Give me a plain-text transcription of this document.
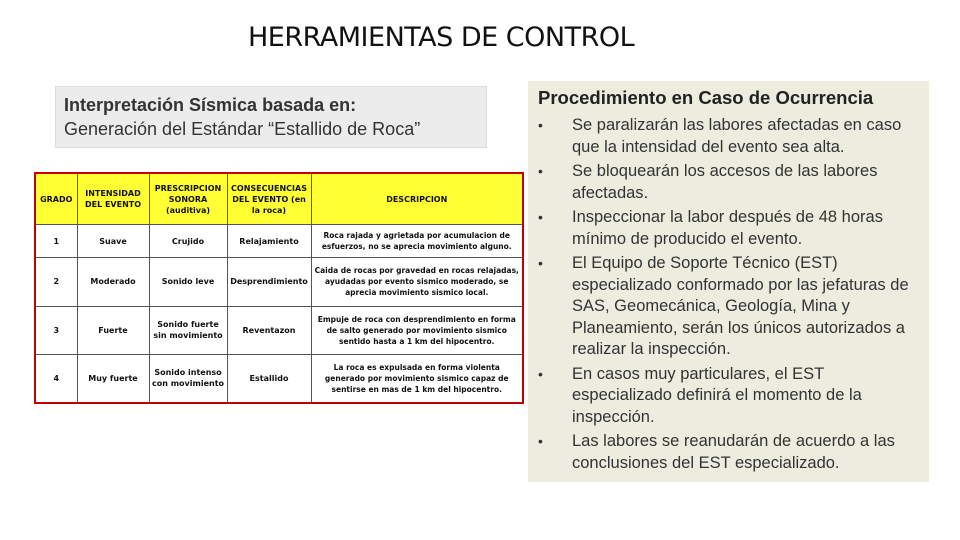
HERRAMIENTAS DE CONTROL
Interpretación Sísmica basada en:
Generación del Estándar “Estallido de Roca”
GRADO	INTENSIDAD DEL EVENTO	PRESCRIPCION SONORA (auditiva)	CONSECUENCIAS DEL EVENTO (en la roca)	DESCRIPCION
1	Suave	Crujido	Relajamiento	Roca rajada y agrietada por acumulacion de esfuerzos, no se aprecia movimiento alguno.
2	Moderado	Sonido leve	Desprendimiento	Caida de rocas por gravedad en rocas relajadas, ayudadas por evento sismico moderado, se aprecia movimiento sismico local.
3	Fuerte	Sonido fuerte sin movimiento	Reventazon	Empuje de roca con desprendimiento en forma de salto generado por movimiento sismico sentido hasta a 1 km del hipocentro.
4	Muy fuerte	Sonido intenso con movimiento	Estallido	La roca es expulsada en forma violenta generado por movimiento sismico capaz de sentirse en mas de 1 km del hipocentro.
Procedimiento en Caso de Ocurrencia
• Se paralizarán las labores afectadas en caso que la intensidad del evento sea alta.
• Se bloquearán los accesos de las labores afectadas.
• Inspeccionar la labor después de 48 horas mínimo de producido el evento.
• El Equipo de Soporte Técnico (EST) especializado conformado por las jefaturas de SAS, Geomecánica, Geología, Mina y Planeamiento, serán los únicos autorizados a realizar la inspección.
• En casos muy particulares, el EST especializado definirá el momento de la inspección.
• Las labores se reanudarán de acuerdo a las conclusiones del EST especializado.
